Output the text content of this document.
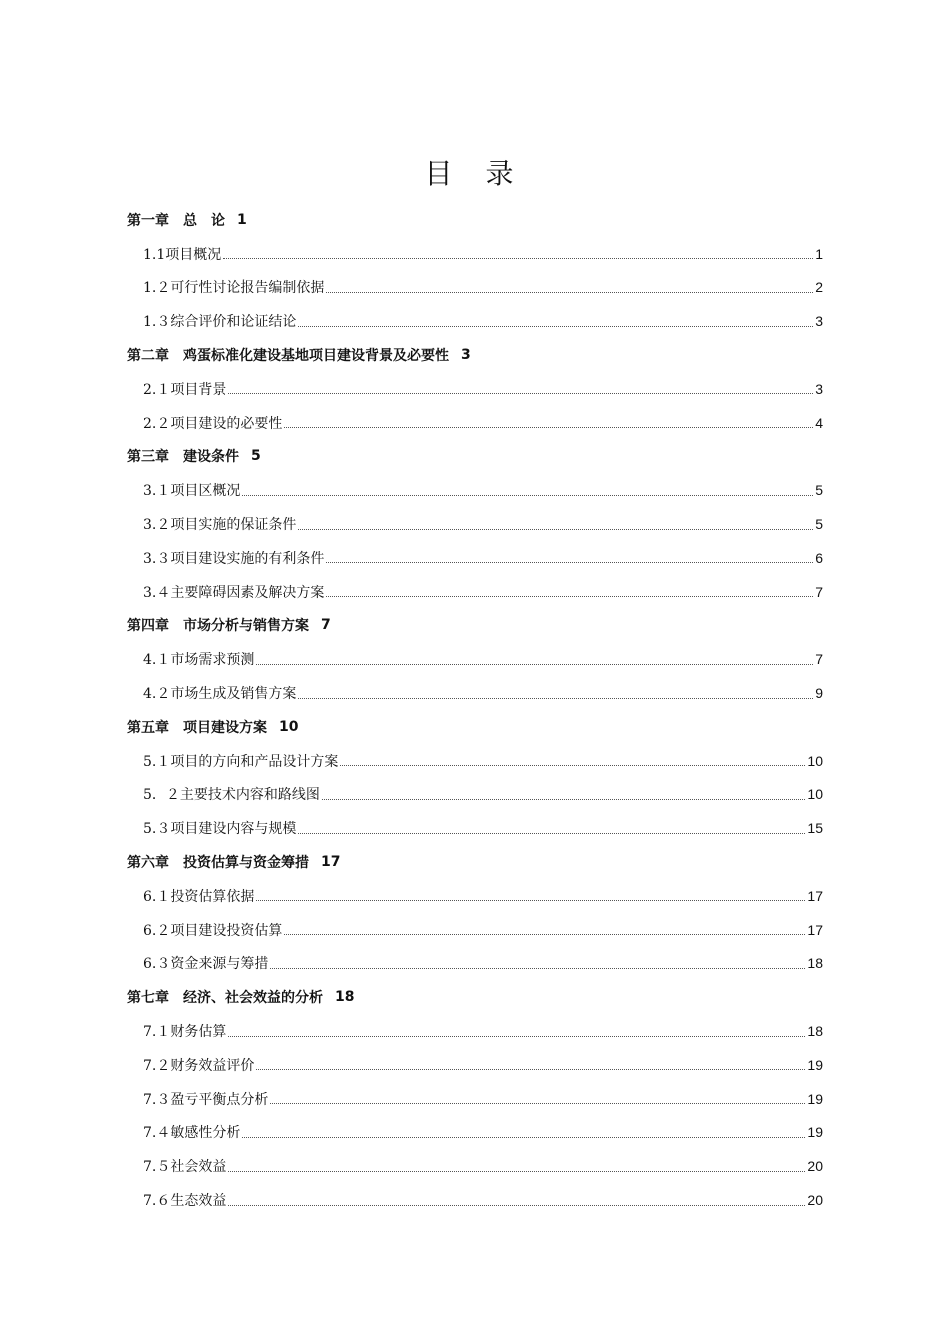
目 录
第一章　总　论 1
1.1项目概况	1
1.２可行性讨论报告编制依据	2
1.３综合评价和论证结论	3
第二章　鸡蛋标准化建设基地项目建设背景及必要性 3
2.１项目背景	3
2.２项目建设的必要性	4
第三章　建设条件 5
3.１项目区概况	5
3.２项目实施的保证条件	5
3.３项目建设实施的有利条件	6
3.４主要障碍因素及解决方案	7
第四章　市场分析与销售方案 7
4.１市场需求预测	7
4.２市场生成及销售方案	9
第五章　项目建设方案 10
5.１项目的方向和产品设计方案	10
5．２主要技术内容和路线图	10
5.３项目建设内容与规模	15
第六章　投资估算与资金筹措 17
6.１投资估算依据	17
6.２项目建设投资估算	17
6.３资金来源与筹措	18
第七章　经济、社会效益的分析 18
7.１财务估算	18
7.２财务效益评价	19
7.３盈亏平衡点分析	19
7.４敏感性分析	19
7.５社会效益	20
7.６生态效益	20
